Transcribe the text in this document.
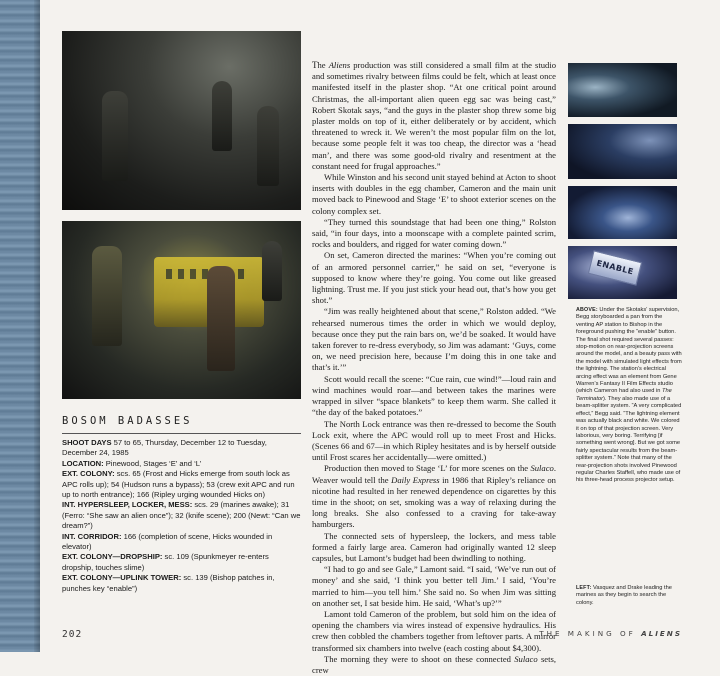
ENABLE

The Aliens production was still considered a small film at the studio and sometimes rivalry between films could be felt, which at least once manifested itself in the plaster shop. “At one critical point around Christmas, the all-important alien queen egg sac was being cast,” Robert Skotak says, “and the guys in the plaster shop threw some big plaster molds on top of it, either deliberately or by accident, which threatened to wreck it. We weren’t the most popular film on the lot, because some people felt it was too cheap, the director was a ‘head man’, and there was some good-old rivalry and resentment at the constant need for frugal approaches.”

While Winston and his second unit stayed behind at Acton to shoot inserts with doubles in the egg chamber, Cameron and the main unit moved back to Pinewood and Stage ‘E’ to shoot exterior scenes on the colony complex set.

“They turned this soundstage that had been one thing,” Rolston said, “in four days, into a moonscape with a complete painted scrim, rocks and boulders, and rigged for water coming down.”

On set, Cameron directed the marines: “When you’re coming out of an armored personnel carrier,” he said on set, “everyone is supposed to know where they’re going. You come out like greased lightning. Trust me. If you just stick your head out, that’s how you get shot.”

“Jim was really heightened about that scene,” Rolston added. “We rehearsed numerous times the order in which we would deploy, because once they put the rain bars on, we’d be soaked. It would have taken forever to re-dress everybody, so Jim was adamant: ‘Guys, come on, we need precision here, because I’m doing this in one take and that’s it.’”

Scott would recall the scene: “Cue rain, cue wind!”—loud rain and wind machines would roar—and between takes the marines were wrapped in silver “space blankets” to keep them warm. She called it “the day of the baked potatoes.”

The North Lock entrance was then re-dressed to become the South Lock exit, where the APC would roll up to meet Frost and Hicks. (Scenes 66 and 67—in which Ripley hesitates and is by herself outside until Frost scares her accidentally—were omitted.)

Production then moved to Stage ‘L’ for more scenes on the Sulaco. Weaver would tell the Daily Express in 1986 that Ripley’s reliance on nicotine had resulted in her renewed dependence on cigarettes by this time in the shoot; on set, smoking was a way of relaxing during the long breaks. She also confessed to a craving for take-away hamburgers.

The connected sets of hypersleep, the lockers, and mess table formed a fairly large area. Cameron had originally wanted 12 sleep capsules, but Lamont’s budget had been dwindling to nothing.

“I had to go and see Gale,” Lamont said. “I said, ‘We’ve run out of money’ and she said, ‘I think you better tell Jim.’ I said, ‘You’re married to him—you tell him.’ She said no. So when Jim was sitting on another set, I sat beside him. He said, ‘What’s up?’”

Lamont told Cameron of the problem, but sold him on the idea of opening the chambers via wires instead of expensive hydraulics. His crew then cobbled the chambers together from leftover parts. A mirror transformed six chambers into twelve (each costing about $4,300).

The morning they were to shoot on these connected Sulaco sets, crew

BOSOM BADASSES
SHOOT DAYS 57 to 65, Thursday, December 12 to Tuesday, December 24, 1985
LOCATION: Pinewood, Stages ‘E’ and ‘L’
EXT. COLONY: scs. 65 (Frost and Hicks emerge from south lock as APC rolls up); 54 (Hudson runs a bypass); 53 (crew exit APC and run up to north entrance); 166 (Ripley urging wounded Hicks on)
INT. HYPERSLEEP, LOCKER, MESS: scs. 29 (marines awake); 31 (Ferro: “She saw an alien once”); 32 (knife scene); 200 (Newt: “Can we dream?”)
INT. CORRIDOR: 166 (completion of scene, Hicks wounded in elevator)
EXT. COLONY—DROPSHIP: sc. 109 (Spunkmeyer re-enters dropship, touches slime)
EXT. COLONY—UPLINK TOWER: sc. 139 (Bishop patches in, punches key “enable”)
ABOVE: Under the Skotaks’ supervision, Begg storyboarded a pan from the venting AP station to Bishop in the foreground pushing the “enable” button. The final shot required several passes: stop-motion on rear-projection screens around the model, and a beauty pass with the model with simulated light effects from the lightning. The station’s electrical arcing effect was an element from Gene Warren’s Fantasy II Film Effects studio (which Cameron had also used in The Terminator). They also made use of a beam-splitter system. “A very complicated effect,” Begg said. “The lightning element was actually black and white. We colored it on top of that projection screen. Very laborious, very boring. Terrifying [if something went wrong]. But we got some fairly spectacular results from the beam-splitter system.” Note that many of the rear-projection shots involved Pinewood regular Charles Staffell, who made use of his three-head process projector setup.
LEFT: Vasquez and Drake leading the marines as they begin to search the colony.
202	THE MAKING OF ALIENS
